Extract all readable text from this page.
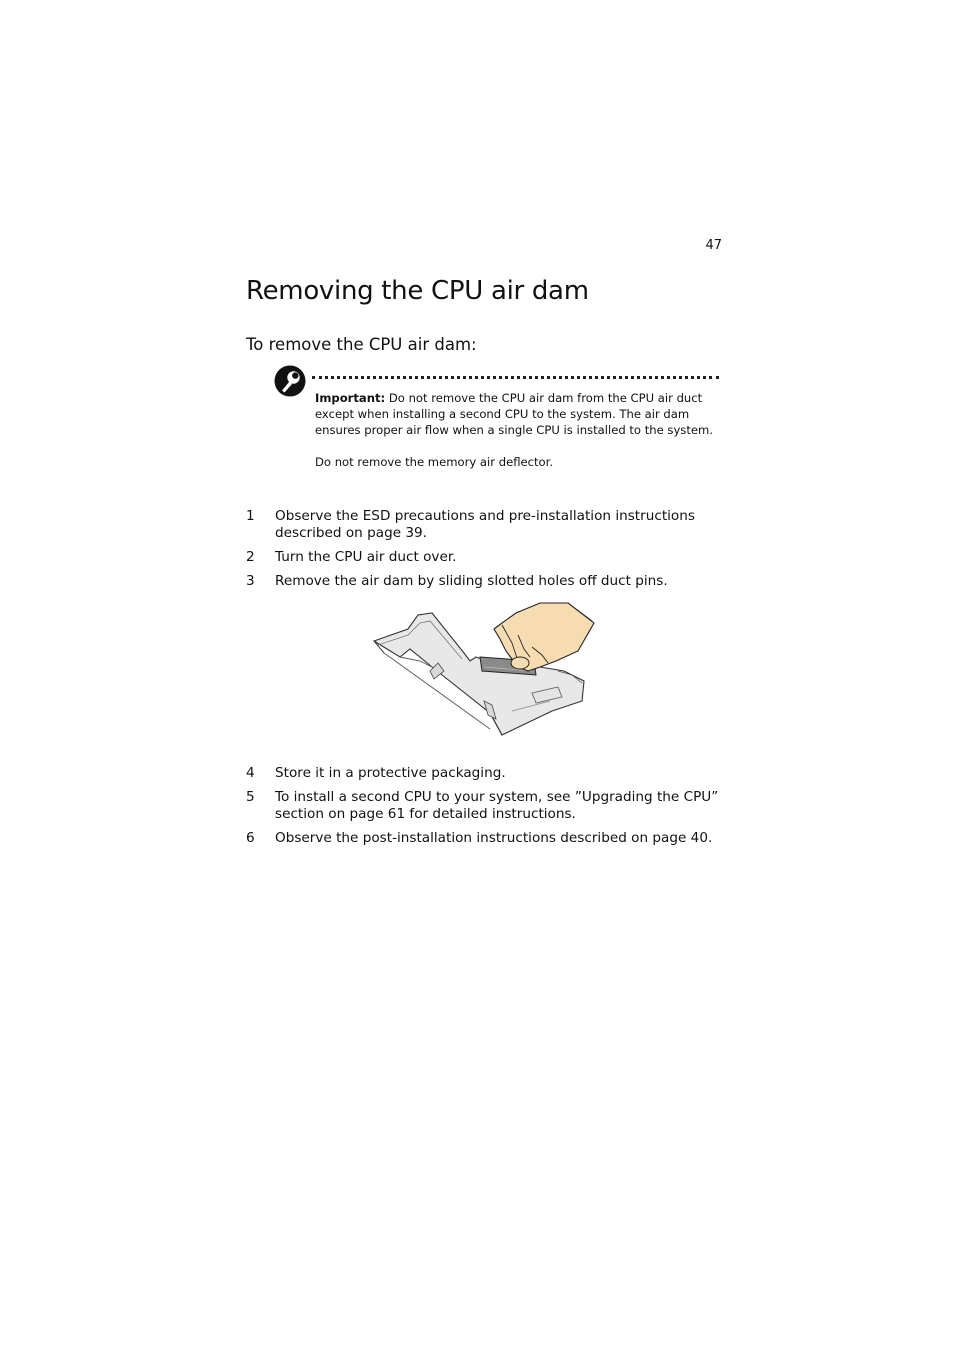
47
Removing the CPU air dam
To remove the CPU air dam:

Important: Do not remove the CPU air dam from the CPU air duct except when installing a second CPU to the system. The air dam ensures proper air flow when a single CPU is installed to the system.

Do not remove the memory air deflector.

1	Observe the ESD precautions and pre-installation instructions described on page 39.
2	Turn the CPU air duct over.
3	Remove the air dam by sliding slotted holes off duct pins.
4	Store it in a protective packaging.
5	To install a second CPU to your system, see ”Upgrading the CPU” section on page 61 for detailed instructions.
6	Observe the post-installation instructions described on page 40.
